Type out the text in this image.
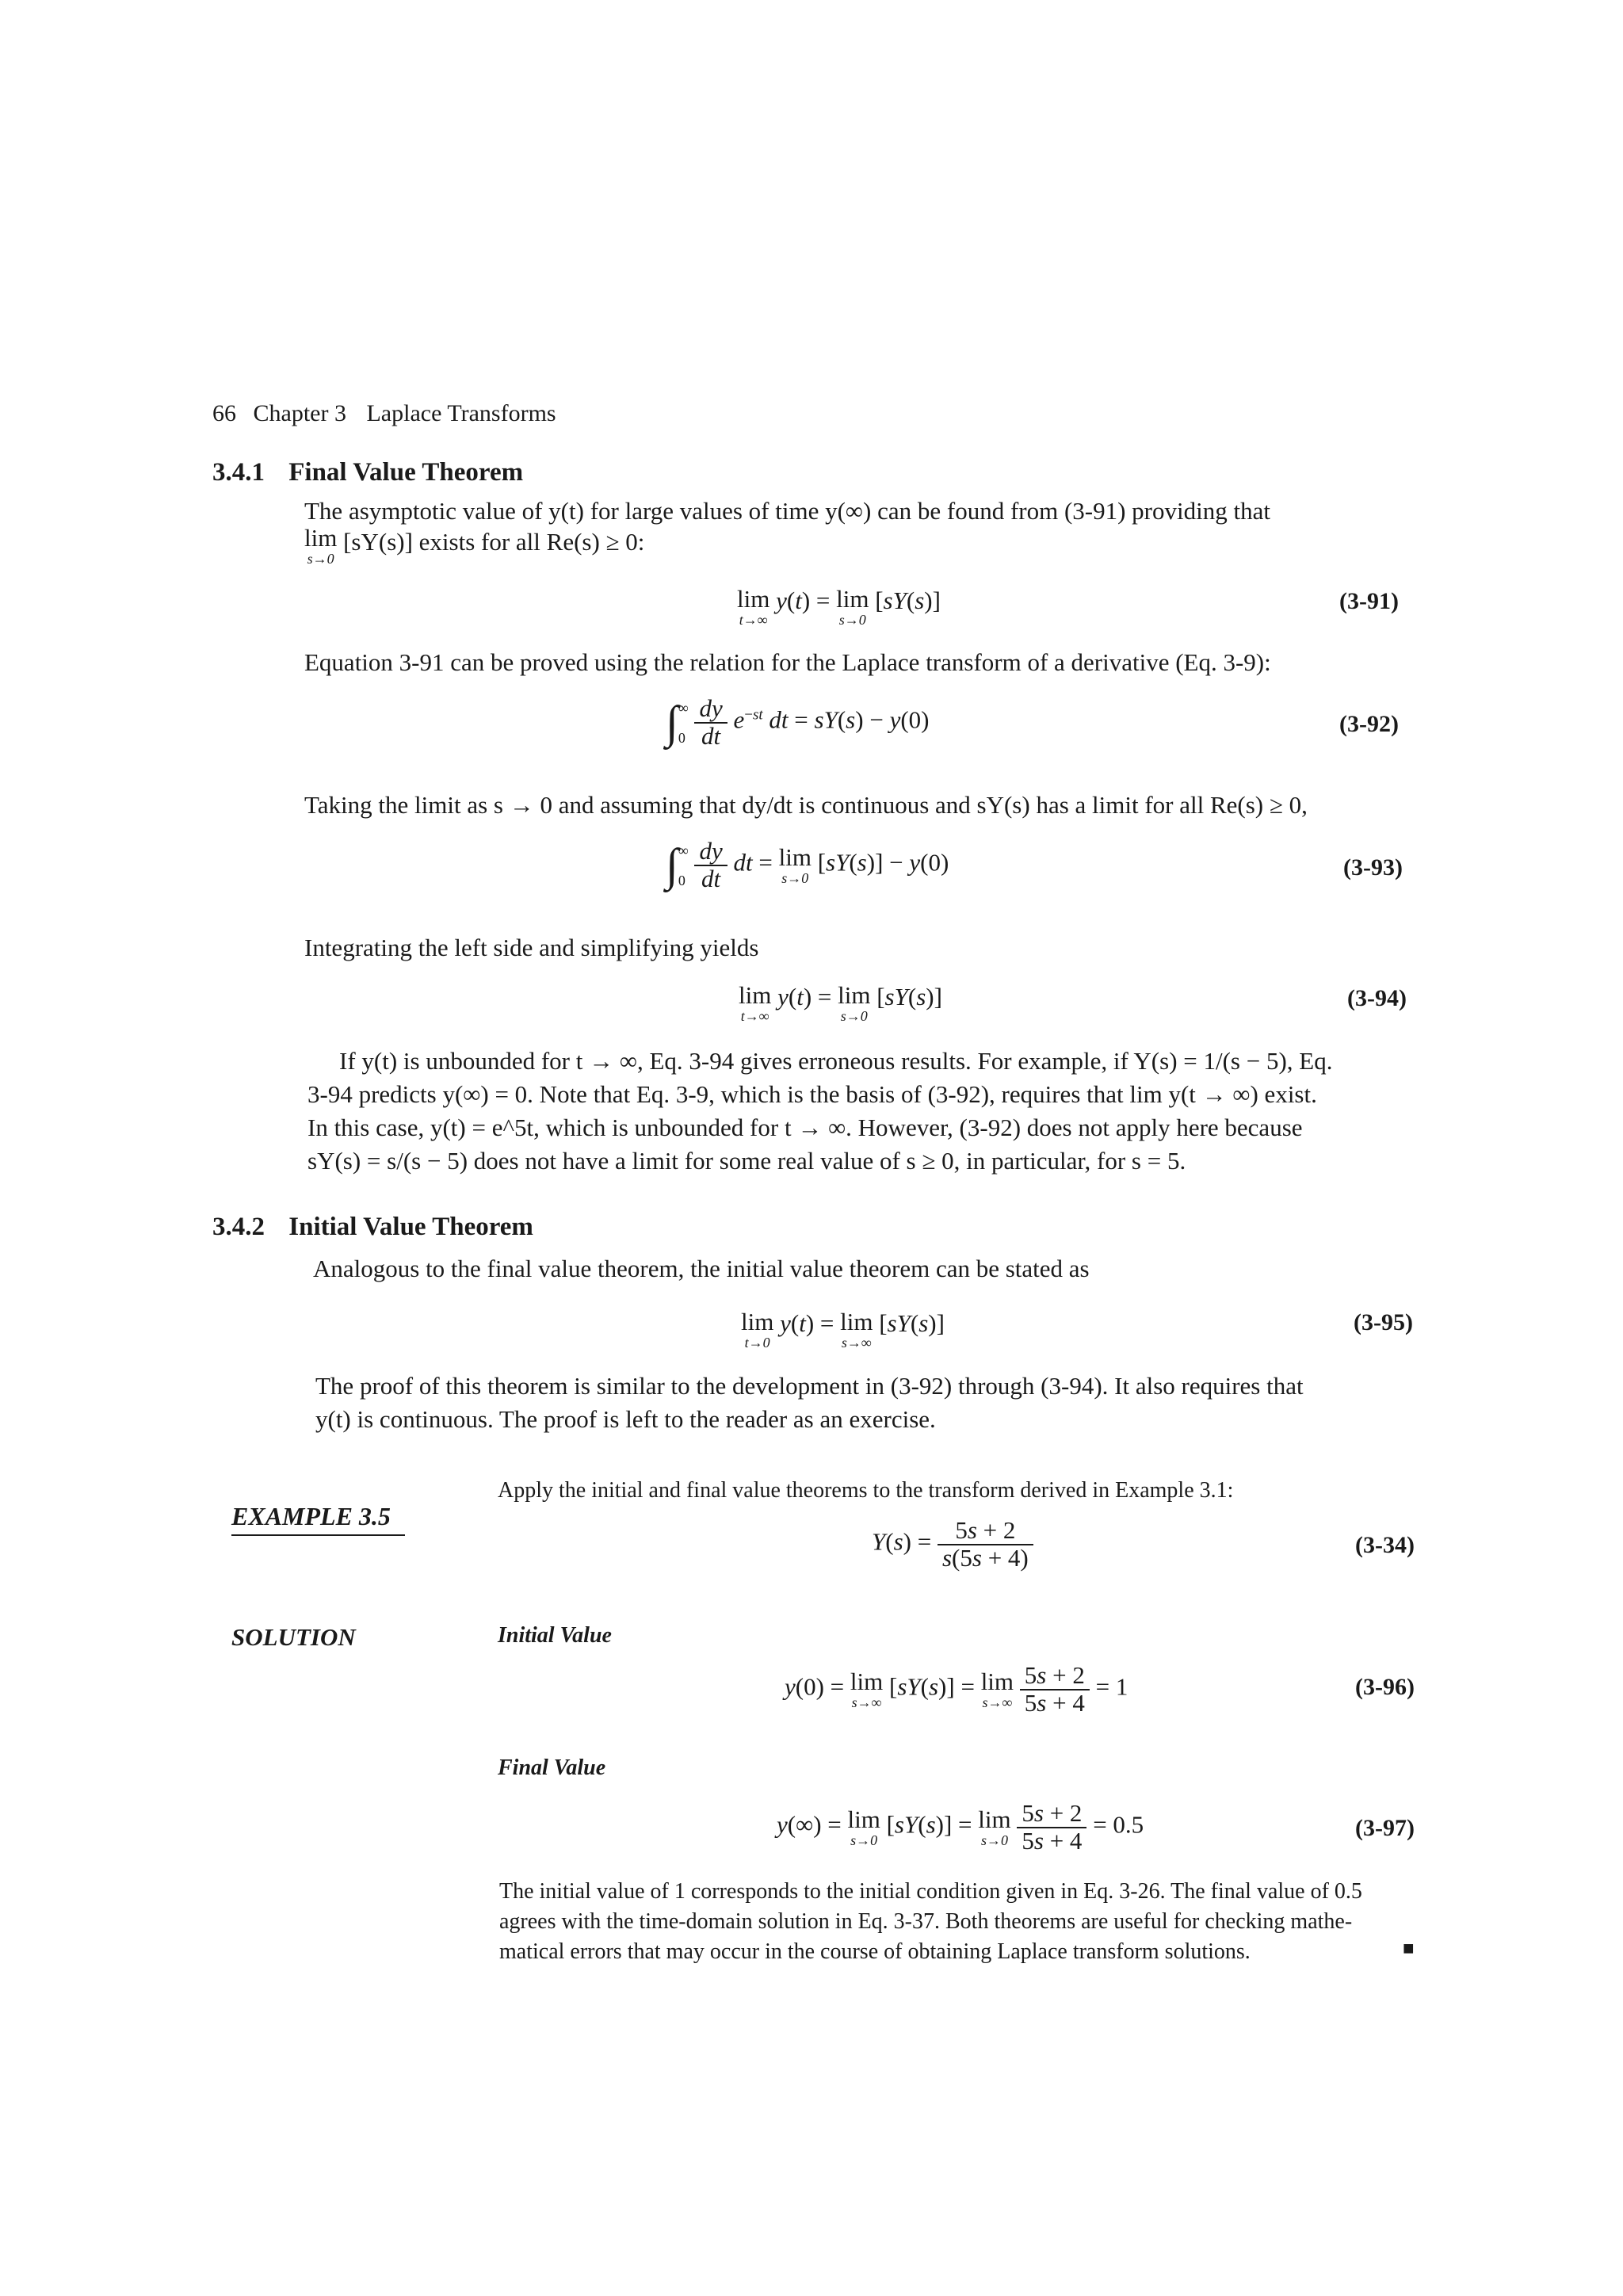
66 Chapter 3 Laplace Transforms
3.4.1 Final Value Theorem
The asymptotic value of y(t) for large values of time y(∞) can be found from (3-91) providing that
lim
s→0
[sY(s)] exists for all Re(s) ≥ 0:
lim
t→∞
y(t) = lim
s→0
[sY(s)]	(3-91)
Equation 3-91 can be proved using the relation for the Laplace transform of a derivative (Eq. 3-9):
∫ ∞
0
$\frac{dy}{dt} e^{-st}$ dt = sY(s) − y(0)	(3-92)
Taking the limit as s → 0 and assuming that dy/dt is continuous and sY(s) has a limit for all Re(s) ≥ 0,
∫ ∞
0
$\frac{dy}{dt}$ dt = lim
s→0
[sY(s)] − y(0)	(3-93)
Integrating the left side and simplifying yields
lim
t→∞
y(t) = lim
s→0
[sY(s)]	(3-94)
If y(t) is unbounded for t → ∞, Eq. 3-94 gives erroneous results. For example, if Y(s) = 1/(s − 5), Eq.
3-94 predicts y(∞) = 0. Note that Eq. 3-9, which is the basis of (3-92), requires that lim y(t → ∞) exist.
In this case, y(t) = e^5t, which is unbounded for t → ∞. However, (3-92) does not apply here because
sY(s) = s/(s − 5) does not have a limit for some real value of s ≥ 0, in particular, for s = 5.
3.4.2 Initial Value Theorem
Analogous to the final value theorem, the initial value theorem can be stated as
lim
t→0
y(t) = lim
s→∞
[sY(s)]	(3-95)
The proof of this theorem is similar to the development in (3-92) through (3-94). It also requires that
y(t) is continuous. The proof is left to the reader as an exercise.
EXAMPLE 3.5
Apply the initial and final value theorems to the transform derived in Example 3.1:
$Y(s) = \frac{5s + 2}{s(5s + 4)}$	(3-34)
SOLUTION	Initial Value
y(0) = lim
s→∞
[sY(s)] = lim
s→∞
$\frac{5s + 2}{5s + 4} = 1$	(3-96)
Final Value
y(∞) = lim
s→0
[sY(s)] = lim
s→0
$\frac{5s + 2}{5s + 4} = 0.5$	(3-97)
The initial value of 1 corresponds to the initial condition given in Eq. 3-26. The final value of 0.5
agrees with the time-domain solution in Eq. 3-37. Both theorems are useful for checking mathe-
matical errors that may occur in the course of obtaining Laplace transform solutions.	■
